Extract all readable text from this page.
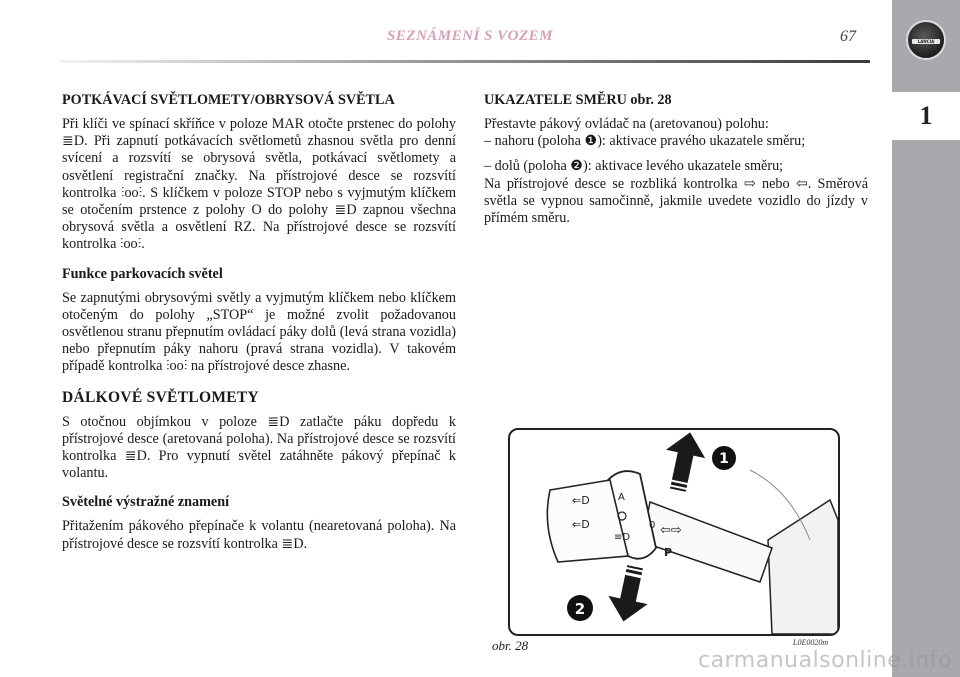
SEZNÁMENÍ S VOZEM	67	LANCIA
1
POTKÁVACÍ SVĚTLOMETY/OBRYSOVÁ SVĚTLA

Při klíči ve spínací skříňce v poloze MAR otočte prstenec do polohy ≣D. Při zapnutí potkávacích světlometů zhasnou světla pro denní svícení a rozsvítí se obrysová světla, potkávací světlomety a osvětlení registrační značky. Na přístrojové desce se rozsvítí kontrolka ⫶oo⫶. S klíčkem v poloze STOP nebo s vyjmutým klíčkem se otočením prstence z polohy O do polohy ≣D zapnou všechna obrysová světla a osvětlení RZ. Na přístrojové desce se rozsvítí kontrolka ⫶oo⫶.

Funkce parkovacích světel

Se zapnutými obrysovými světly a vyjmutým klíčkem nebo klíčkem otočeným do polohy „STOP“ je možné zvolit požadovanou osvětlenou stranu přepnutím ovládací páky dolů (levá strana vozidla) nebo přepnutím páky nahoru (pravá strana vozidla). V takovém případě kontrolka ⫶oo⫶ na přístrojové desce zhasne.

DÁLKOVÉ SVĚTLOMETY

S otočnou objímkou v poloze ≣D zatlačte páku dopředu k přístrojové desce (aretovaná poloha). Na přístrojové desce se rozsvítí kontrolka ≣D. Pro vypnutí světel zatáhněte pákový přepínač k volantu.

Světelné výstražné znamení

Přitažením pákového přepínače k volantu (nearetovaná poloha). Na přístrojové desce se rozsvítí kontrolka ≣D.

UKAZATELE SMĚRU obr. 28
Přestavte pákový ovládač na (aretovanou) polohu:

– nahoru (poloha ❶): aktivace pravého ukazatele směru;

– dolů (poloha ❷): aktivace levého ukazatele směru;

Na přístrojové desce se rozbliká kontrolka ⇨ nebo ⇦. Směrová světla se vypnou samočinně, jakmile uvedete vozidlo do jízdy v přímém směru.

⇐D
⇐D
A
≡D
0 ⇦⇨
P
1
2
obr. 28	L0E0020m
carmanualsonline.info
